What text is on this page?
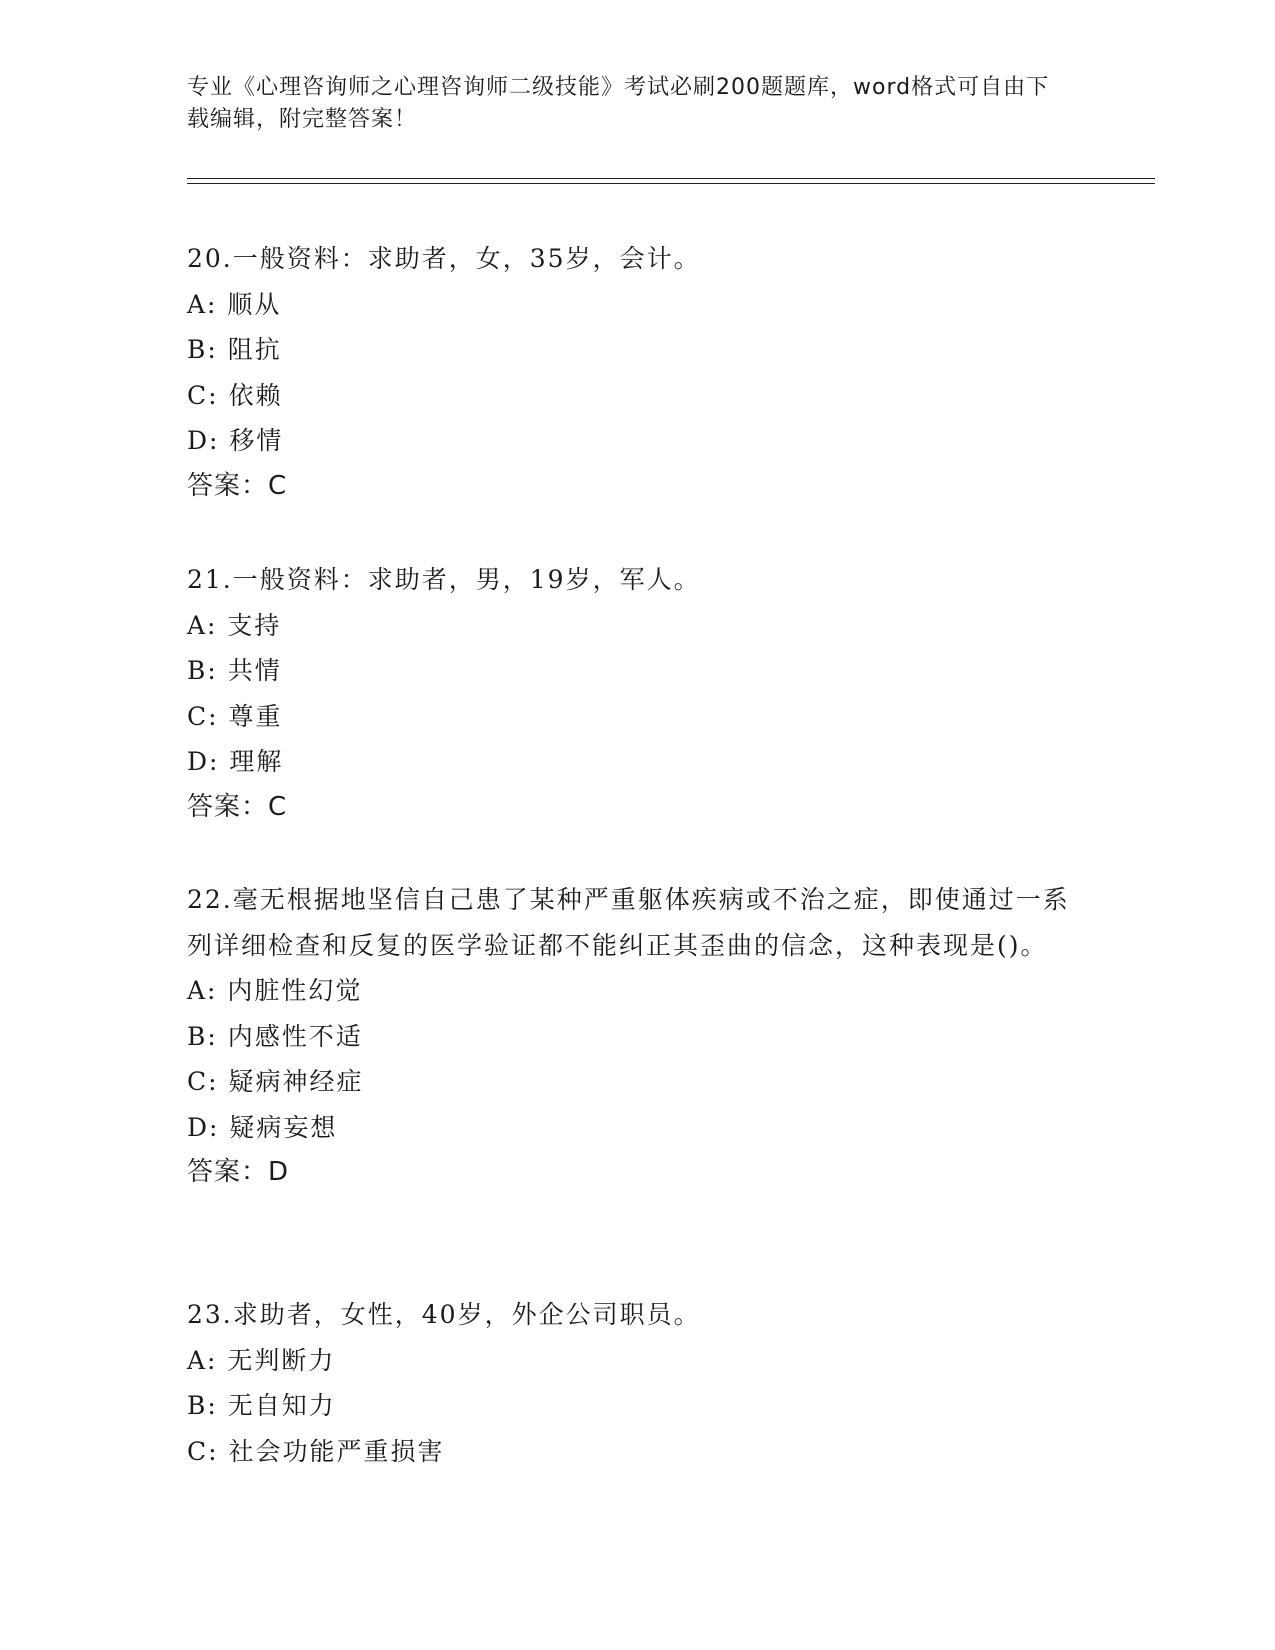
专业《心理咨询师之心理咨询师二级技能》考试必刷200题题库，word格式可自由下载编辑，附完整答案！
20.一般资料：求助者，女，35岁，会计。
A: 顺从
B: 阻抗
C: 依赖
D: 移情
答案：C
21.一般资料：求助者，男，19岁，军人。
A: 支持
B: 共情
C: 尊重
D: 理解
答案：C
22.毫无根据地坚信自己患了某种严重躯体疾病或不治之症，即使通过一系列详细检查和反复的医学验证都不能纠正其歪曲的信念，这种表现是()。
A: 内脏性幻觉
B: 内感性不适
C: 疑病神经症
D: 疑病妄想
答案：D
23.求助者，女性，40岁，外企公司职员。
A: 无判断力
B: 无自知力
C: 社会功能严重损害
